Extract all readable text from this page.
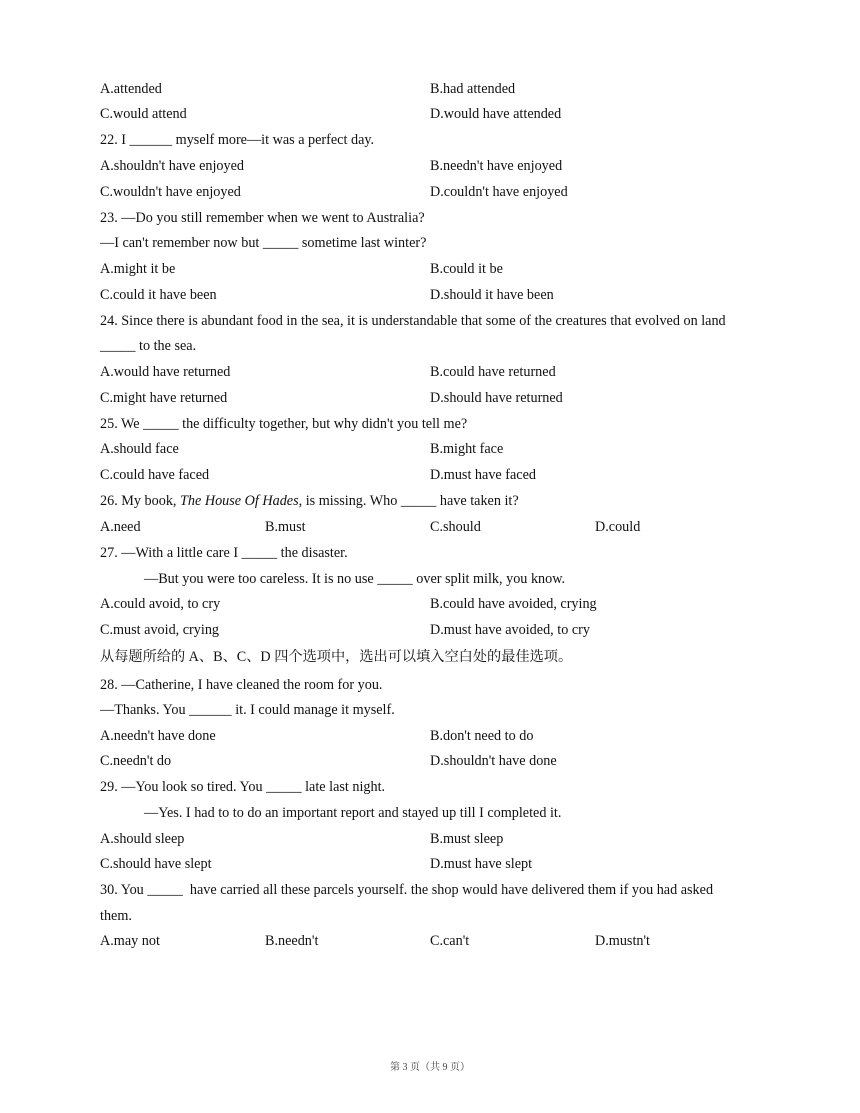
A.attended	B.had attended
C.would attend	D.would have attended
22. I ______ myself more—it was a perfect day.
A.shouldn't have enjoyed	B.needn't have enjoyed
C.wouldn't have enjoyed	D.couldn't have enjoyed
23. —Do you still remember when we went to Australia?
—I can't remember now but _____ sometime last winter?
A.might it be	B.could it be
C.could it have been	D.should it have been
24. Since there is abundant food in the sea, it is understandable that some of the creatures that evolved on land
_____ to the sea.
A.would have returned	B.could have returned
C.might have returned	D.should have returned
25. We _____ the difficulty together, but why didn't you tell me?
A.should face	B.might face
C.could have faced	D.must have faced
26. My book, The House Of Hades, is missing. Who _____ have taken it?
A.need	B.must	C.should	D.could
27. —With a little care I _____ the disaster.
—But you were too careless. It is no use _____ over split milk, you know.
A.could avoid, to cry	B.could have avoided, crying
C.must avoid, crying	D.must have avoided, to cry
从每题所给的 A、B、C、D 四个选项中，选出可以填入空白处的最佳选项。
28. —Catherine, I have cleaned the room for you.
—Thanks. You ______ it. I could manage it myself.
A.needn't have done	B.don't need to do
C.needn't do	D.shouldn't have done
29. —You look so tired. You _____ late last night.
—Yes. I had to to do an important report and stayed up till I completed it.
A.should sleep	B.must sleep
C.should have slept	D.must have slept
30. You _____  have carried all these parcels yourself. the shop would have delivered them if you had asked
them.
A.may not	B.needn't	C.can't	D.mustn't
第 3 页（共 9 页）
